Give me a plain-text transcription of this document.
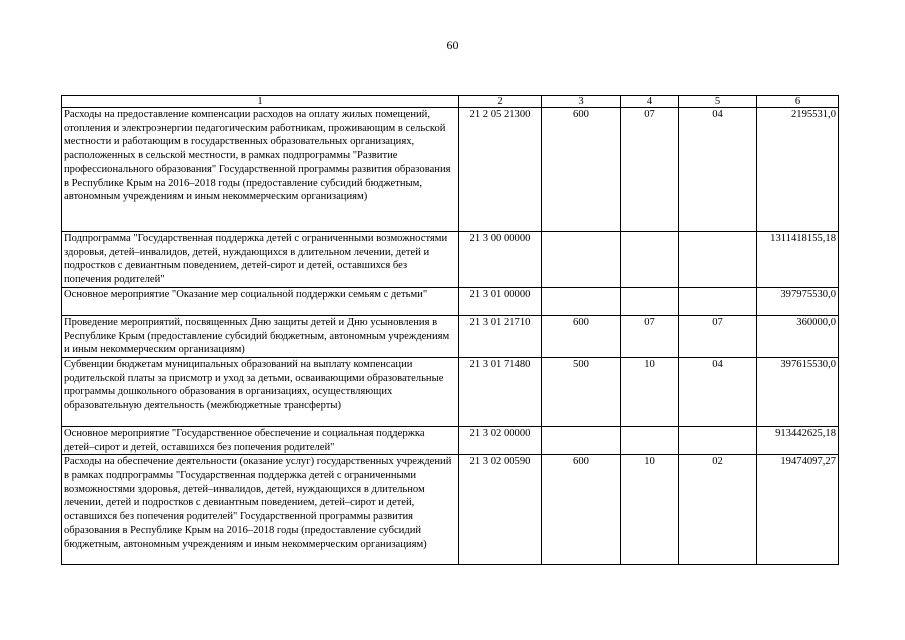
60
1	2	3	4	5	6
Расходы на предоставление компенсации расходов на оплату жилых помещений, отопления и электроэнергии педагогическим работникам, проживающим в сельской местности и работающим в государственных образовательных организациях, расположенных в сельской местности, в рамках подпрограммы "Развитие профессионального образования" Государственной программы развития образования в Республике Крым на 2016–2018 годы (предоставление субсидий бюджетным, автономным учреждениям и иным некоммерческим организациям)	21 2 05 21300	600	07	04	2195531,0
Подпрограмма "Государственная поддержка детей с ограниченными возможностями здоровья, детей–инвалидов, детей, нуждающихся в длительном лечении, детей и подростков с девиантным поведением, детей-сирот и детей, оставшихся без попечения родителей"	21 3 00 00000				1311418155,18
Основное мероприятие "Оказание мер социальной поддержки семьям с детьми"	21 3 01 00000				397975530,0
Проведение мероприятий, посвященных Дню защиты детей и Дню усыновления в Республике Крым (предоставление субсидий бюджетным, автономным учреждениям и иным некоммерческим организациям)	21 3 01 21710	600	07	07	360000,0
Субвенции бюджетам муниципальных образований на выплату компенсации родительской платы за присмотр и уход за детьми, осваивающими образовательные программы дошкольного образования в организациях, осуществляющих образовательную деятельность (межбюджетные трансферты)	21 3 01 71480	500	10	04	397615530,0
Основное мероприятие "Государственное обеспечение и социальная поддержка детей–сирот и детей, оставшихся без попечения родителей"	21 3 02 00000				913442625,18
Расходы на обеспечение деятельности (оказание услуг) государственных учреждений в рамках подпрограммы "Государственная поддержка детей с ограниченными возможностями здоровья, детей–инвалидов, детей, нуждающихся в длительном лечении, детей и подростков с девиантным поведением, детей–сирот и детей, оставшихся без попечения родителей" Государственной программы развития образования в Республике Крым на 2016–2018 годы (предоставление субсидий бюджетным, автономным учреждениям и иным некоммерческим организациям)	21 3 02 00590	600	10	02	19474097,27
